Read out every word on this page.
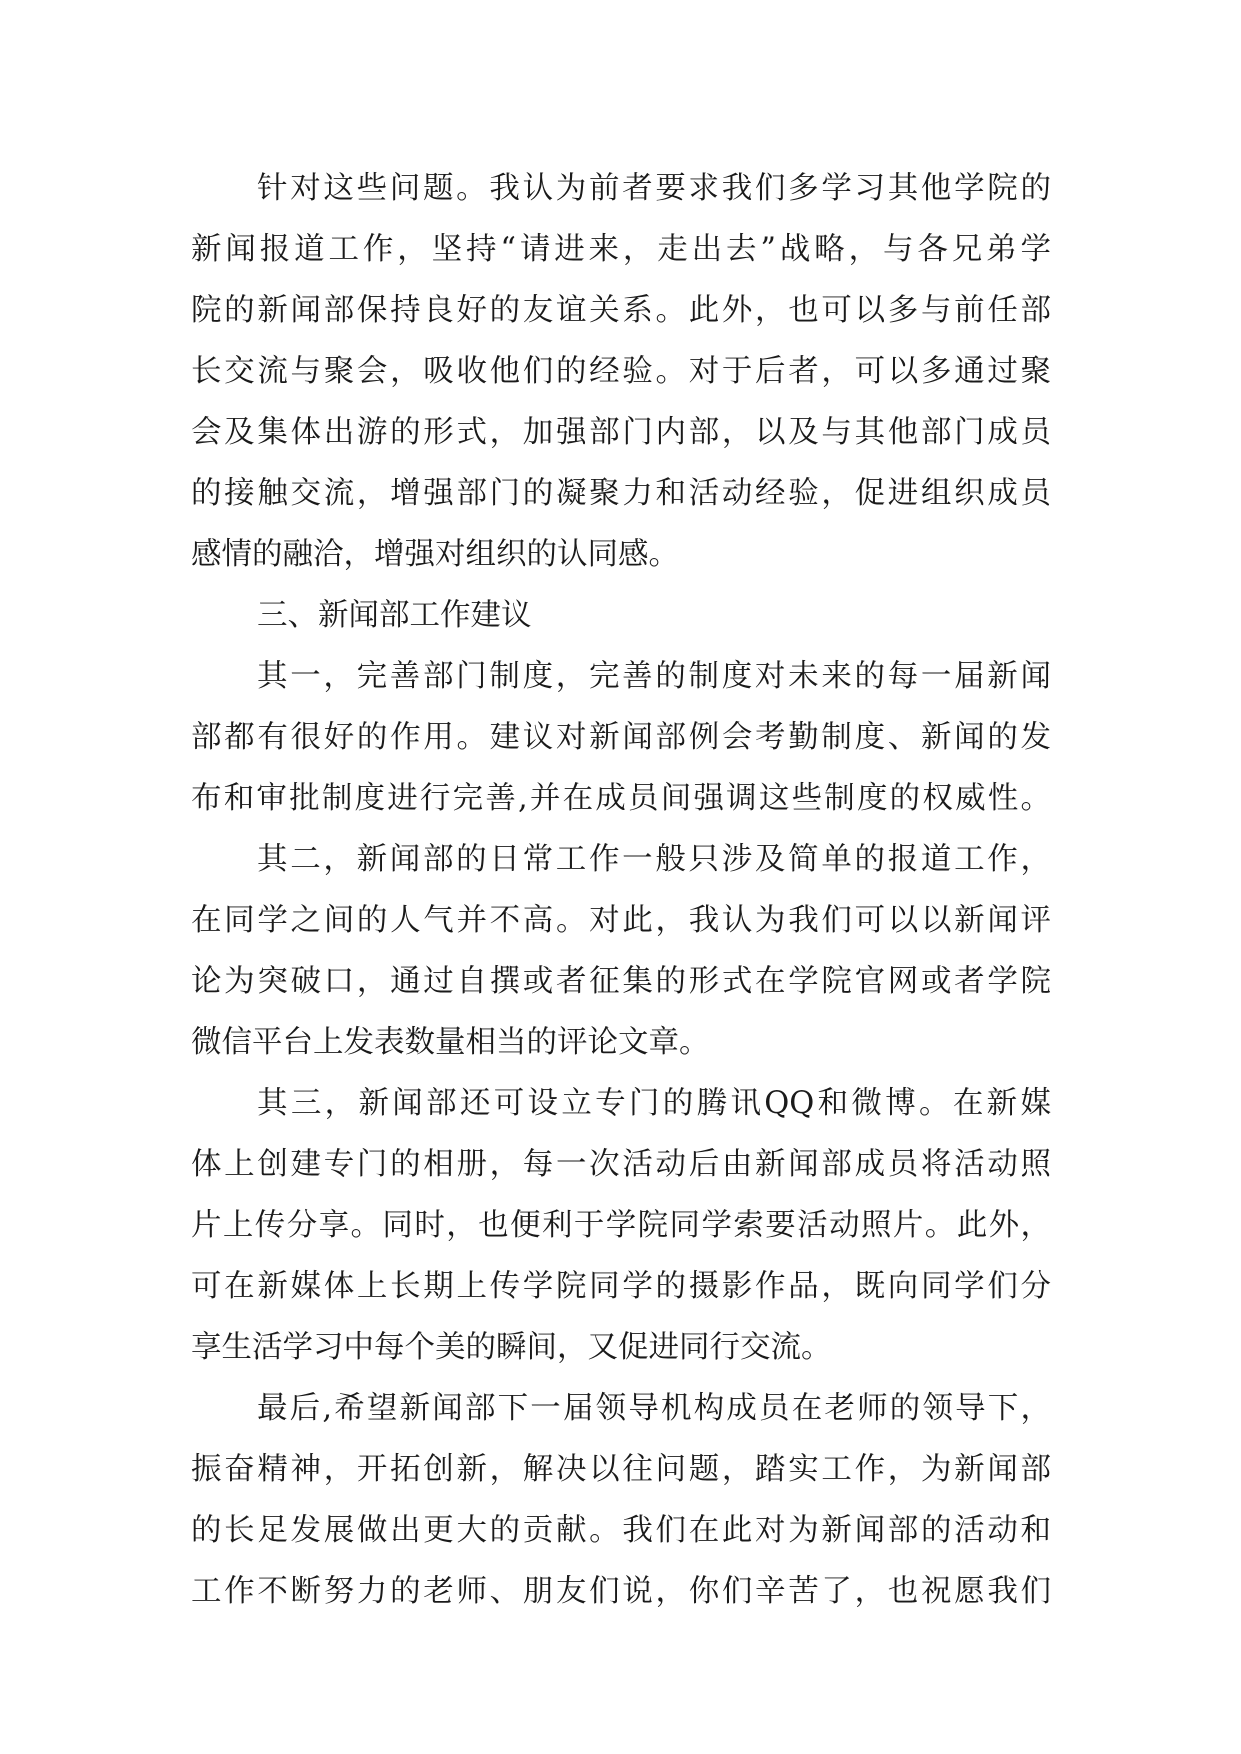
针对这些问题。我认为前者要求我们多学习其他学院的
新闻报道工作，坚持“请进来，走出去”战略，与各兄弟学
院的新闻部保持良好的友谊关系。此外，也可以多与前任部
长交流与聚会，吸收他们的经验。对于后者，可以多通过聚
会及集体出游的形式，加强部门内部，以及与其他部门成员
的接触交流，增强部门的凝聚力和活动经验，促进组织成员
感情的融洽，增强对组织的认同感。
三、新闻部工作建议
其一，完善部门制度，完善的制度对未来的每一届新闻
部都有很好的作用。建议对新闻部例会考勤制度、新闻的发
布和审批制度进行完善,并在成员间强调这些制度的权威性。
其二，新闻部的日常工作一般只涉及简单的报道工作，
在同学之间的人气并不高。对此，我认为我们可以以新闻评
论为突破口，通过自撰或者征集的形式在学院官网或者学院
微信平台上发表数量相当的评论文章。
其三，新闻部还可设立专门的腾讯QQ和微博。在新媒
体上创建专门的相册，每一次活动后由新闻部成员将活动照
片上传分享。同时，也便利于学院同学索要活动照片。此外，
可在新媒体上长期上传学院同学的摄影作品，既向同学们分
享生活学习中每个美的瞬间，又促进同行交流。
最后,希望新闻部下一届领导机构成员在老师的领导下，
振奋精神，开拓创新，解决以往问题，踏实工作，为新闻部
的长足发展做出更大的贡献。我们在此对为新闻部的活动和
工作不断努力的老师、朋友们说，你们辛苦了，也祝愿我们
